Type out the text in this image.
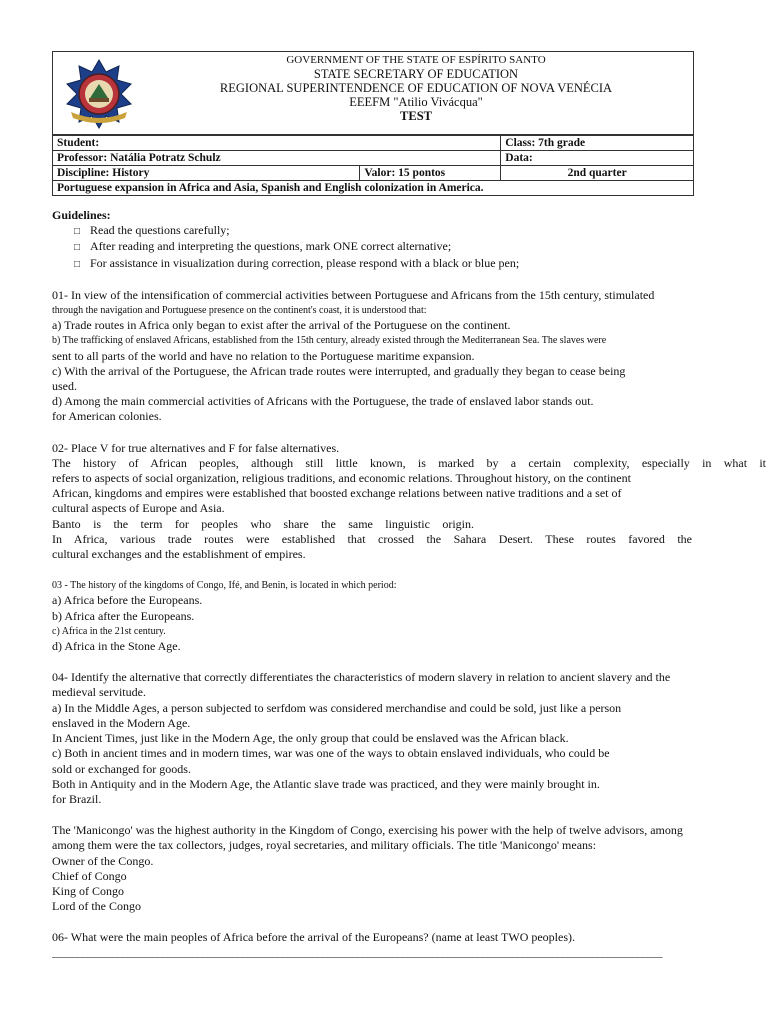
GOVERNMENT OF THE STATE OF ESPÍRITO SANTO
STATE SECRETARY OF EDUCATION
REGIONAL SUPERINTENDENCE OF EDUCATION OF NOVA VENÉCIA
EEEFM "Atilio Vivácqua"
TEST
Student:		Class: 7th grade
Professor: Natália Potratz Schulz		Data:
Discipline: History	Valor: 15 pontos	2nd quarter
Portuguese expansion in Africa and Asia, Spanish and English colonization in America.		

Guidelines:

□ Read the questions carefully;

□ After reading and interpreting the questions, mark ONE correct alternative;

□ For assistance in visualization during correction, please respond with a black or blue pen;

01- In view of the intensification of commercial activities between Portuguese and Africans from the 15th century, stimulated

through the navigation and Portuguese presence on the continent's coast, it is understood that:

a) Trade routes in Africa only began to exist after the arrival of the Portuguese on the continent.

b) The trafficking of enslaved Africans, established from the 15th century, already existed through the Mediterranean Sea. The slaves were

sent to all parts of the world and have no relation to the Portuguese maritime expansion.

c) With the arrival of the Portuguese, the African trade routes were interrupted, and gradually they began to cease being

used.

d) Among the main commercial activities of Africans with the Portuguese, the trade of enslaved labor stands out.

for American colonies.

02- Place V for true alternatives and F for false alternatives.

The history of African peoples, although still little known, is marked by a certain complexity, especially in what it

refers to aspects of social organization, religious traditions, and economic relations. Throughout history, on the continent

African, kingdoms and empires were established that boosted exchange relations between native traditions and a set of

cultural aspects of Europe and Asia.

Banto is the term for peoples who share the same linguistic origin.

In Africa, various trade routes were established that crossed the Sahara Desert. These routes favored the

cultural exchanges and the establishment of empires.

03 - The history of the kingdoms of Congo, Ifé, and Benin, is located in which period:

a) Africa before the Europeans.

b) Africa after the Europeans.

c) Africa in the 21st century.

d) Africa in the Stone Age.

04- Identify the alternative that correctly differentiates the characteristics of modern slavery in relation to ancient slavery and the

medieval servitude.

a) In the Middle Ages, a person subjected to serfdom was considered merchandise and could be sold, just like a person

enslaved in the Modern Age.

In Ancient Times, just like in the Modern Age, the only group that could be enslaved was the African black.

c) Both in ancient times and in modern times, war was one of the ways to obtain enslaved individuals, who could be

sold or exchanged for goods.

Both in Antiquity and in the Modern Age, the Atlantic slave trade was practiced, and they were mainly brought in.

for Brazil.

The 'Manicongo' was the highest authority in the Kingdom of Congo, exercising his power with the help of twelve advisors, among

among them were the tax collectors, judges, royal secretaries, and military officials. The title 'Manicongo' means:

Owner of the Congo.

Chief of Congo

King of Congo

Lord of the Congo

06- What were the main peoples of Africa before the arrival of the Europeans? (name at least TWO peoples).

__________________________________________________________________________________________________________________________
